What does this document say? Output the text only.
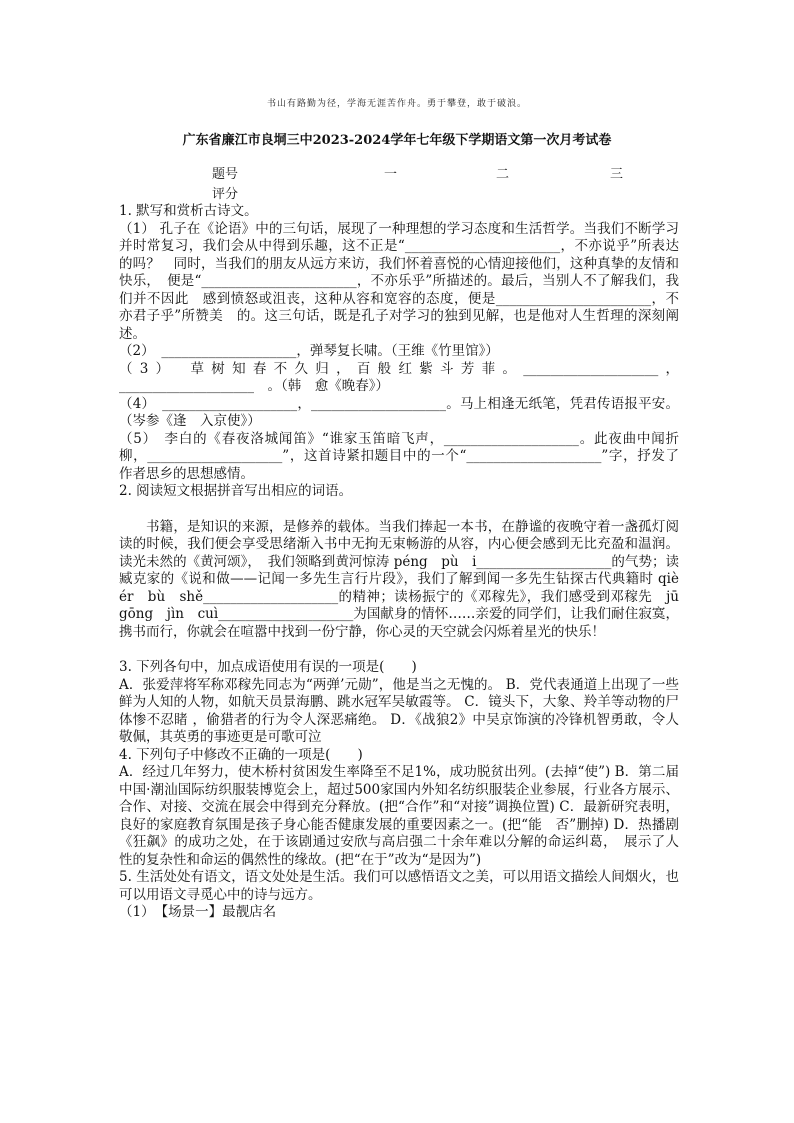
书山有路勤为径，学海无涯苦作舟。勇于攀登，敢于破浪。
广东省廉江市良垌三中2023-2024学年七年级下学期语文第一次月考试卷
题号	一	二	三
评分

1. 默写和赏析古诗文。

（1） 孔子在《论语》中的三句话，展现了一种理想的学习态度和生活哲学。当我们不断学习并时常复习，我们会从中得到乐趣，这不正是“_______________________，不亦说乎”所表达的吗？　同时，当我们的朋友从远方来访，我们怀着喜悦的心情迎接他们，这种真挚的友情和快乐，　便是“_______________________，不亦乐乎”所描述的。最后，当别人不了解我们，我们并不因此　感到愤怒或沮丧，这种从容和宽容的态度，便是_______________________，不亦君子乎”所赞美　的。这三句话，既是孔子对学习的独到见解，也是他对人生哲理的深刻阐述。

（2）　____________________，弹琴复长啸。（王维《竹里馆》）

（3）　草树知春不久归，百般红紫斗芳菲。____________________，____________________　。（韩　愈《晚春》）

（4）　____________________，____________________。马上相逢无纸笔，凭君传语报平安。（岑参《逢　入京使》）

（5）　李白的《春夜洛城闻笛》“谁家玉笛暗飞声，____________________。此夜曲中闻折柳，____________________”，这首诗紧扣题目中的一个“____________________”字，抒发了作者思乡的思想感情。

2. 阅读短文根据拼音写出相应的词语。

书籍，是知识的来源，是修养的载体。当我们捧起一本书，在静谧的夜晚守着一盏孤灯阅读的时候，我们便会享受思绪渐入书中无拘无束畅游的从容，内心便会感到无比充盈和温润。读光未然的《黄河颂》，　我们领略到黄河惊涛 péng　pù　i____________________的气势；读臧克家的《说和做——记闻一多先生言行片段》，我们了解到闻一多先生钻探古代典籍时 qiè　ér　bù　shě____________________的精神；读杨振宁的《邓稼先》，我们感受到邓稼先　jū　gōng　jìn　cuì____________________为国献身的情怀……亲爱的同学们，让我们耐住寂寞，携书而行，你就会在喧嚣中找到一份宁静，你心灵的天空就会闪烁着星光的快乐！

3. 下列各句中，加点成语使用有误的一项是(　　)

A．张爱萍将军称邓稼先同志为“两弹’元勋”，他是当之无愧的。 B．党代表通道上出现了一些鲜为人知的人物，如航天员景海鹏、跳水冠军吴敏霞等。 C．镜头下，大象、羚羊等动物的尸体惨不忍睹 ，偷猎者的行为令人深恶痛绝。 D．《战狼2》中吴京饰演的冷锋机智勇敢，令人敬佩，其英勇的事迹更是可歌可泣

4. 下列句子中修改不正确的一项是(　　)

A．经过几年努力，使木桥村贫困发生率降至不足1%，成功脱贫出列。(去掉“使”) B．第二届中国·潮汕国际纺织服装博览会上，超过500家国内外知名纺织服装企业参展，行业各方展示、合作、对接、交流在展会中得到充分释放。(把“合作”和“对接”调换位置) C．最新研究表明，良好的家庭教育氛围是孩子身心能否健康发展的重要因素之一。(把“能　否”删掉) D．热播剧《狂飙》的成功之处，在于该剧通过安欣与高启强二十余年难以分解的命运纠葛，　展示了人性的复杂性和命运的偶然性的缘故。(把“在于”改为“是因为”)

5. 生活处处有语文，语文处处是生活。我们可以感悟语文之美，可以用语文描绘人间烟火，也可以用语文寻觅心中的诗与远方。

（1）　【场景一】最靓店名
